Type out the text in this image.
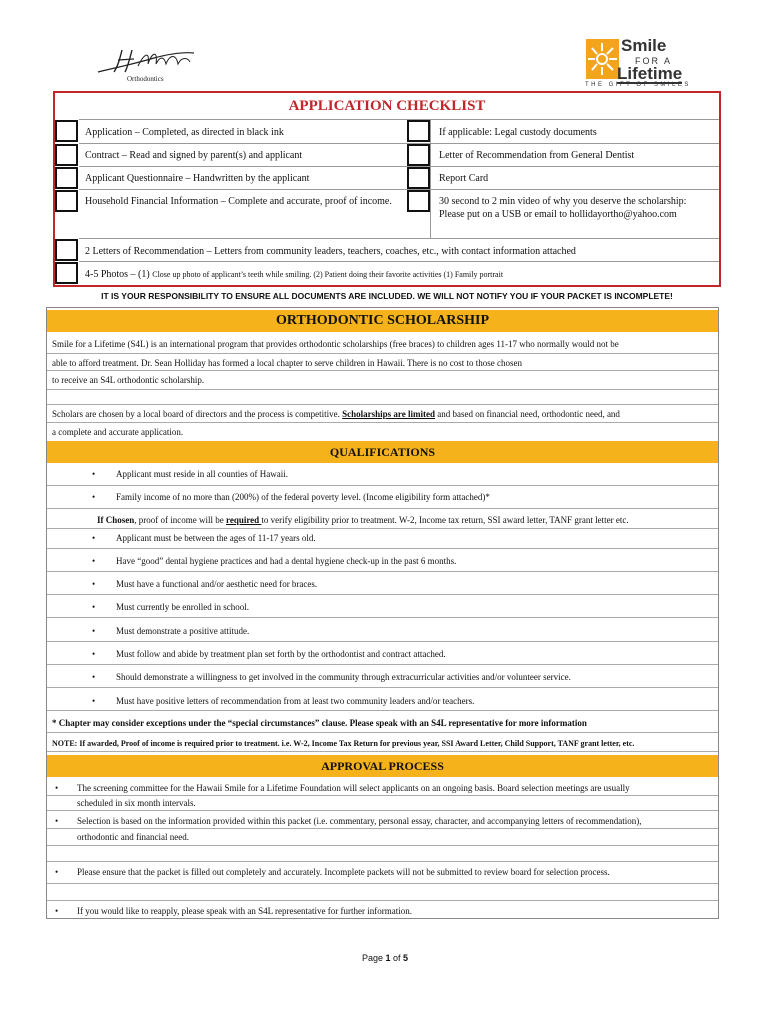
Orthodontics
Smile
FOR A
Lifetime
THE GIFT OF SMILES
APPLICATION CHECKLIST
Application – Completed, as directed in black ink
Contract – Read and signed by parent(s) and applicant
Applicant Questionnaire – Handwritten by the applicant
Household Financial Information – Complete and accurate, proof of income.
If applicable: Legal custody documents
Letter of Recommendation from General Dentist
Report Card
30 second to 2 min video of why you deserve the scholarship: Please put on a USB or email to hollidayortho@yahoo.com
2 Letters of Recommendation – Letters from community leaders, teachers, coaches, etc., with contact information attached
4-5 Photos – (1) Close up photo of applicant’s teeth while smiling. (2) Patient doing their favorite activities (1) Family portrait
IT IS YOUR RESPONSIBILITY TO ENSURE ALL DOCUMENTS ARE INCLUDED. WE WILL NOT NOTIFY YOU IF YOUR PACKET IS INCOMPLETE!
ORTHODONTIC SCHOLARSHIP
Smile for a Lifetime (S4L) is an international program that provides orthodontic scholarships (free braces) to children ages 11-17 who normally would not be
able to afford treatment. Dr. Sean Holliday has formed a local chapter to serve children in Hawaii. There is no cost to those chosen
to receive an S4L orthodontic scholarship.
Scholars are chosen by a local board of directors and the process is competitive. Scholarships are limited and based on financial need, orthodontic need, and
a complete and accurate application.
QUALIFICATIONS
• Applicant must reside in all counties of Hawaii.
• Family income of no more than (200%) of the federal poverty level. (Income eligibility form attached)*
If Chosen, proof of income will be required to verify eligibility prior to treatment. W-2, Income tax return, SSI award letter, TANF grant letter etc.
• Applicant must be between the ages of 11-17 years old.
• Have “good” dental hygiene practices and had a dental hygiene check-up in the past 6 months.
• Must have a functional and/or aesthetic need for braces.
• Must currently be enrolled in school.
• Must demonstrate a positive attitude.
• Must follow and abide by treatment plan set forth by the orthodontist and contract attached.
• Should demonstrate a willingness to get involved in the community through extracurricular activities and/or volunteer service.
• Must have positive letters of recommendation from at least two community leaders and/or teachers.
* Chapter may consider exceptions under the “special circumstances” clause. Please speak with an S4L representative for more information
NOTE: If awarded, Proof of income is required prior to treatment. i.e. W-2, Income Tax Return for previous year, SSI Award Letter, Child Support, TANF grant letter, etc.
APPROVAL PROCESS
• The screening committee for the Hawaii Smile for a Lifetime Foundation will select applicants on an ongoing basis. Board selection meetings are usually
scheduled in six month intervals.
• Selection is based on the information provided within this packet (i.e. commentary, personal essay, character, and accompanying letters of recommendation),
orthodontic and financial need.
• Please ensure that the packet is filled out completely and accurately. Incomplete packets will not be submitted to review board for selection process.
• If you would like to reapply, please speak with an S4L representative for further information.
Page 1 of 5
